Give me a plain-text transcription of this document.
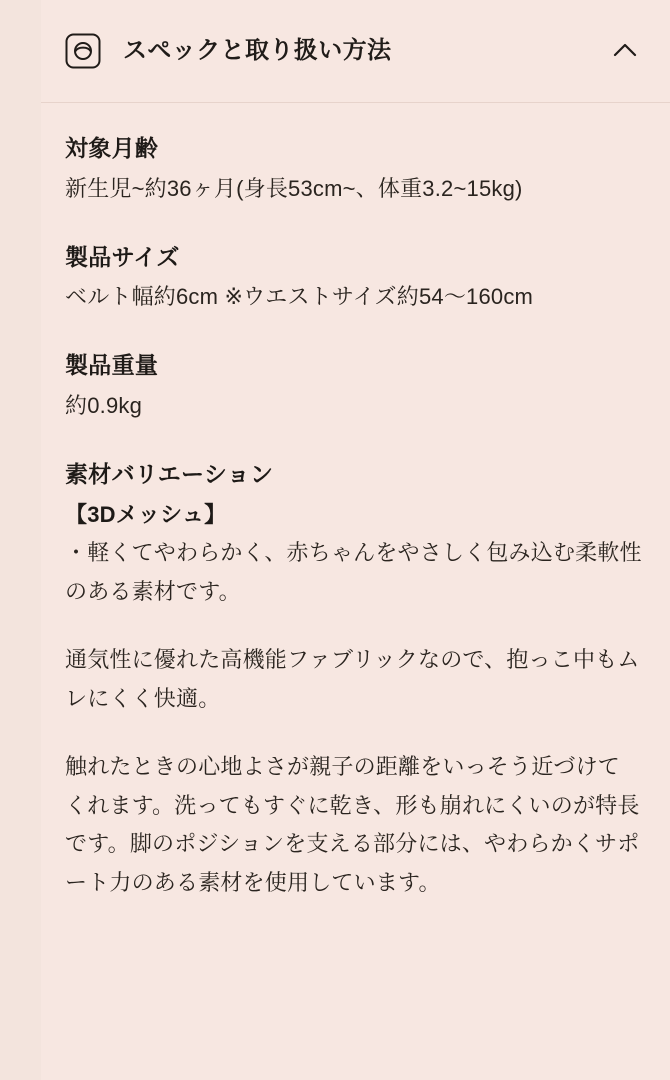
スペックと取り扱い方法
対象月齢
新生児~約36ヶ月(身長53cm~、体重3.2~15kg)
製品サイズ
ベルト幅約6cm ※ウエストサイズ約54〜160cm
製品重量
約0.9kg
素材バリエーション
【3Dメッシュ】

・軽くてやわらかく、赤ちゃんをやさしく包み込む柔軟性のある素材です。

通気性に優れた高機能ファブリックなので、抱っこ中もムレにくく快適。

触れたときの心地よさが親子の距離をいっそう近づけてくれます。洗ってもすぐに乾き、形も崩れにくいのが特長です。脚のポジションを支える部分には、やわらかくサポート力のある素材を使用しています。
